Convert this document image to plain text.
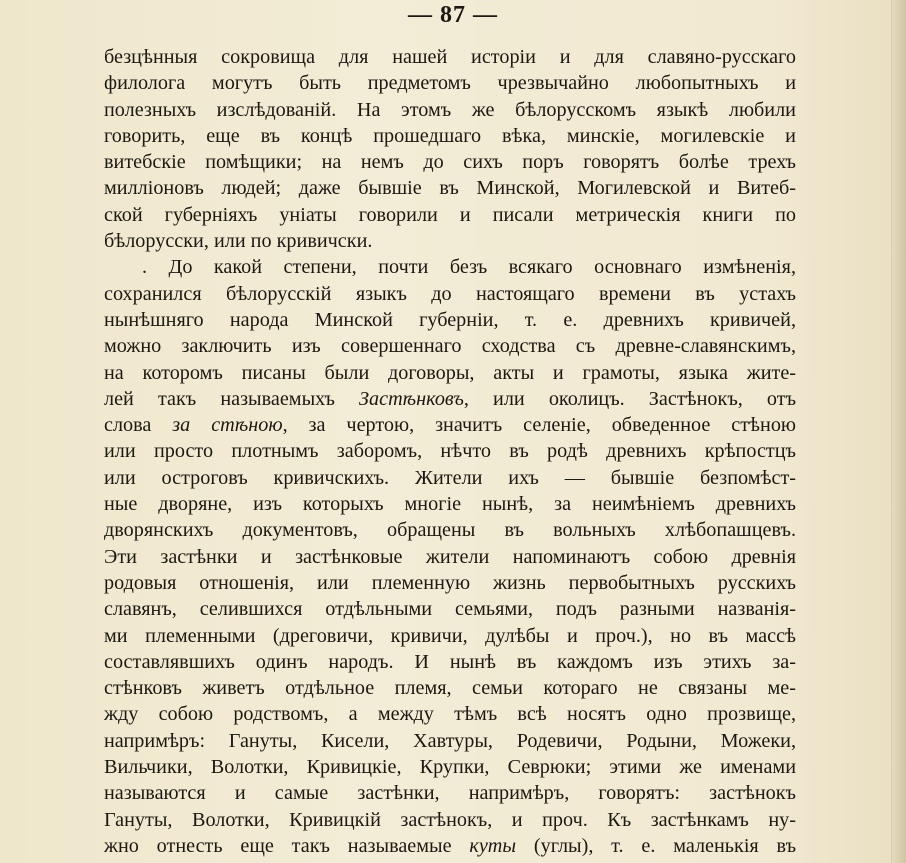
— 87 —
безцѣнныя сокровища для нашей исторіи и для славяно-русскаго
филолога могутъ быть предметомъ чрезвычайно любопытныхъ и
полезныхъ изслѣдованій. На этомъ же бѣлорусскомъ языкѣ любили
говорить, еще въ концѣ прошедшаго вѣка, минскіе, могилевскіе и
витебскіе помѣщики; на немъ до сихъ поръ говорятъ болѣе трехъ
милліоновъ людей; даже бывшіе въ Минской, Могилевской и Витеб-
ской губерніяхъ уніаты говорили и писали метрическія книги по
бѣлорусски, или по кривичски.
. До какой степени, почти безъ всякаго основнаго измѣненія,
сохранился бѣлорусскій языкъ до настоящаго времени въ устахъ
нынѣшняго народа Минской губерніи, т. е. древнихъ кривичей,
можно заключить изъ совершеннаго сходства съ древне-славянскимъ,
на которомъ писаны были договоры, акты и грамоты, языка жите-
лей такъ называемыхъ Застѣнковъ, или околицъ. Застѣнокъ, отъ
слова за стѣною, за чертою, значитъ селеніе, обведенное стѣною
или просто плотнымъ заборомъ, нѣчто въ родѣ древнихъ крѣпостцъ
или остроговъ кривичскихъ. Жители ихъ — бывшіе безпомѣст-
ные дворяне, изъ которыхъ многіе нынѣ, за неимѣніемъ древнихъ
дворянскихъ документовъ, обращены въ вольныхъ хлѣбопашцевъ.
Эти застѣнки и застѣнковые жители напоминаютъ собою древнія
родовыя отношенія, или племенную жизнь первобытныхъ русскихъ
славянъ, селившихся отдѣльными семьями, подъ разными названія-
ми племенными (дреговичи, кривичи, дулѣбы и проч.), но въ массѣ
составлявшихъ одинъ народъ. И нынѣ въ каждомъ изъ этихъ за-
стѣнковъ живетъ отдѣльное племя, семьи котораго не связаны ме-
жду собою родствомъ, а между тѣмъ всѣ носятъ одно прозвище,
напримѣръ: Гануты, Кисели, Хавтуры, Родевичи, Родыни, Можеки,
Вильчики, Волотки, Кривицкіе, Крупки, Севрюки; этими же именами
называются и самые застѣнки, напримѣръ, говорятъ: застѣнокъ
Гануты, Волотки, Кривицкій застѣнокъ, и проч. Къ застѣнкамъ ну-
жно отнесть еще такъ называемые куты (углы), т. е. маленькія въ
